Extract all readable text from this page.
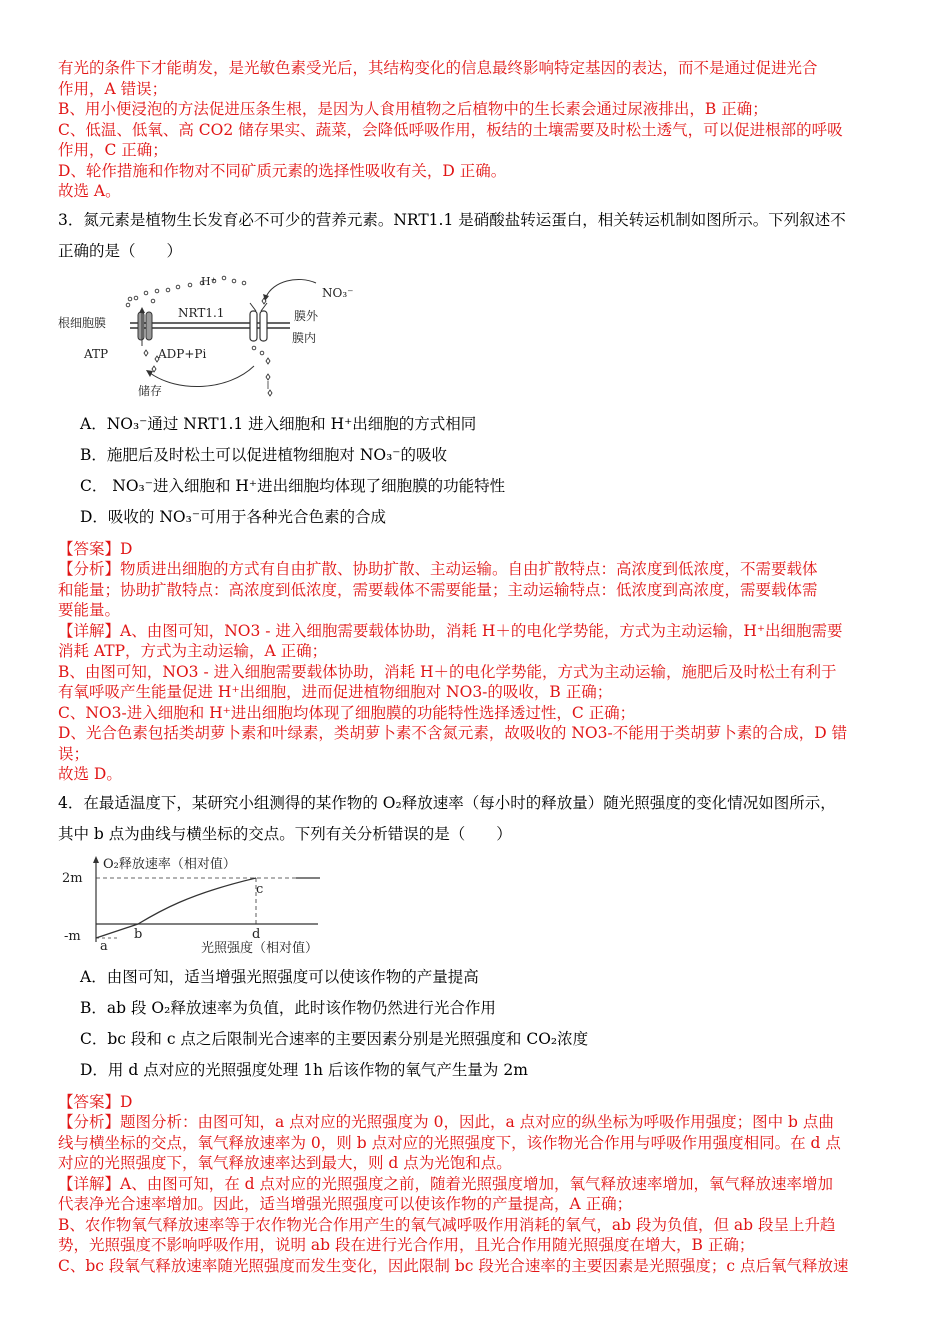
有光的条件下才能萌发，是光敏色素受光后，其结构变化的信息最终影响特定基因的表达，而不是通过促进光合

作用，A 错误；

B、用小便浸泡的方法促进压条生根，是因为人食用植物之后植物中的生长素会通过尿液排出，B 正确；

C、低温、低氧、高 CO2 储存果实、蔬菜，会降低呼吸作用，板结的土壤需要及时松土透气，可以促进根部的呼吸

作用，C 正确；

D、轮作措施和作物对不同矿质元素的选择性吸收有关，D 正确。

故选 A。

3．氮元素是植物生长发育必不可少的营养元素。NRT1.1 是硝酸盐转运蛋白，相关转运机制如图所示。下列叙述不

正确的是（　　）

根细胞膜
H⁺
NRT1.1
NO₃⁻
膜外
膜内
ATP	ADP+Pi
储存

A．NO₃⁻通过 NRT1.1 进入细胞和 H⁺出细胞的方式相同

B．施肥后及时松土可以促进植物细胞对 NO₃⁻的吸收

C． NO₃⁻进入细胞和 H⁺进出细胞均体现了细胞膜的功能特性

D．吸收的 NO₃⁻可用于各种光合色素的合成

【答案】D

【分析】物质进出细胞的方式有自由扩散、协助扩散、主动运输。自由扩散特点：高浓度到低浓度，不需要载体

和能量；协助扩散特点：高浓度到低浓度，需要载体不需要能量；主动运输特点：低浓度到高浓度，需要载体需

要能量。

【详解】A、由图可知，NO3 - 进入细胞需要载体协助，消耗 H＋的电化学势能，方式为主动运输，H⁺出细胞需要

消耗 ATP，方式为主动运输，A 正确；

B、由图可知，NO3 - 进入细胞需要载体协助，消耗 H＋的电化学势能，方式为主动运输，施肥后及时松土有利于

有氧呼吸产生能量促进 H⁺出细胞，进而促进植物细胞对 NO3-的吸收，B 正确；

C、NO3-进入细胞和 H⁺进出细胞均体现了细胞膜的功能特性选择透过性，C 正确；

D、光合色素包括类胡萝卜素和叶绿素，类胡萝卜素不含氮元素，故吸收的 NO3-不能用于类胡萝卜素的合成，D 错

误；

故选 D。

4．在最适温度下，某研究小组测得的某作物的 O₂释放速率（每小时的释放量）随光照强度的变化情况如图所示，

其中 b 点为曲线与横坐标的交点。下列有关分析错误的是（　　）

O₂释放速率（相对值）
2m
-m
a
b
c
d
光照强度（相对值）

A．由图可知，适当增强光照强度可以使该作物的产量提高

B．ab 段 O₂释放速率为负值，此时该作物仍然进行光合作用

C．bc 段和 c 点之后限制光合速率的主要因素分别是光照强度和 CO₂浓度

D．用 d 点对应的光照强度处理 1h 后该作物的氧气产生量为 2m

【答案】D

【分析】题图分析：由图可知，a 点对应的光照强度为 0，因此，a 点对应的纵坐标为呼吸作用强度；图中 b 点曲

线与横坐标的交点，氧气释放速率为 0，则 b 点对应的光照强度下，该作物光合作用与呼吸作用强度相同。在 d 点

对应的光照强度下，氧气释放速率达到最大，则 d 点为光饱和点。

【详解】A、由图可知，在 d 点对应的光照强度之前，随着光照强度增加，氧气释放速率增加，氧气释放速率增加

代表净光合速率增加。因此，适当增强光照强度可以使该作物的产量提高，A 正确；

B、农作物氧气释放速率等于农作物光合作用产生的氧气减呼吸作用消耗的氧气，ab 段为负值，但 ab 段呈上升趋

势，光照强度不影响呼吸作用，说明 ab 段在进行光合作用，且光合作用随光照强度在增大，B 正确；

C、bc 段氧气释放速率随光照强度而发生变化，因此限制 bc 段光合速率的主要因素是光照强度；c 点后氧气释放速
